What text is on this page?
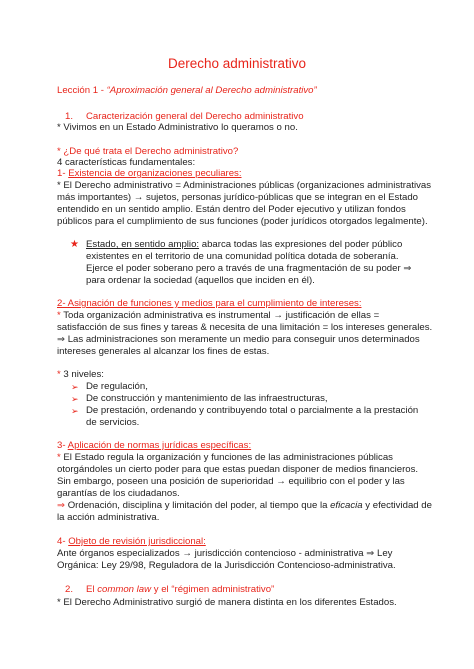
Derecho administrativo
Lección 1 - “Aproximación general al Derecho administrativo”
1. Caracterización general del Derecho administrativo
* Vivimos en un Estado Administrativo lo queramos o no.
* ¿De qué trata el Derecho administrativo?
4 características fundamentales:
1- Existencia de organizaciones peculiares:
* El Derecho administrativo = Administraciones públicas (organizaciones administrativas
más importantes) → sujetos, personas jurídico-públicas que se integran en el Estado
entendido en un sentido amplio. Están dentro del Poder ejecutivo y utilizan fondos
públicos para el cumplimiento de sus funciones (poder jurídicos otorgados legalmente).
★ Estado, en sentido amplio: abarca todas las expresiones del poder público
existentes en el territorio de una comunidad política dotada de soberanía.
Ejerce el poder soberano pero a través de una fragmentación de su poder ⇒
para ordenar la sociedad (aquellos que inciden en él).
2- Asignación de funciones y medios para el cumplimiento de intereses:
* Toda organización administrativa es instrumental → justificación de ellas =
satisfacción de sus fines y tareas & necesita de una limitación = los intereses generales.
⇒ Las administraciones son meramente un medio para conseguir unos determinados
intereses generales al alcanzar los fines de estas.
* 3 niveles:
➢ De regulación,
➢ De construcción y mantenimiento de las infraestructuras,
➢ De prestación, ordenando y contribuyendo total o parcialmente a la prestación
de servicios.
3- Aplicación de normas jurídicas específicas:
* El Estado regula la organización y funciones de las administraciones públicas
otorgándoles un cierto poder para que estas puedan disponer de medios financieros.
Sin embargo, poseen una posición de superioridad → equilibrio con el poder y las
garantías de los ciudadanos.
⇒ Ordenación, disciplina y limitación del poder, al tiempo que la eficacia y efectividad de
la acción administrativa.
4- Objeto de revisión jurisdiccional:
Ante órganos especializados → jurisdicción contencioso - administrativa ⇒ Ley
Orgánica: Ley 29/98, Reguladora de la Jurisdicción Contencioso-administrativa.
2. El common law y el “régimen administrativo”
* El Derecho Administrativo surgió de manera distinta en los diferentes Estados.
